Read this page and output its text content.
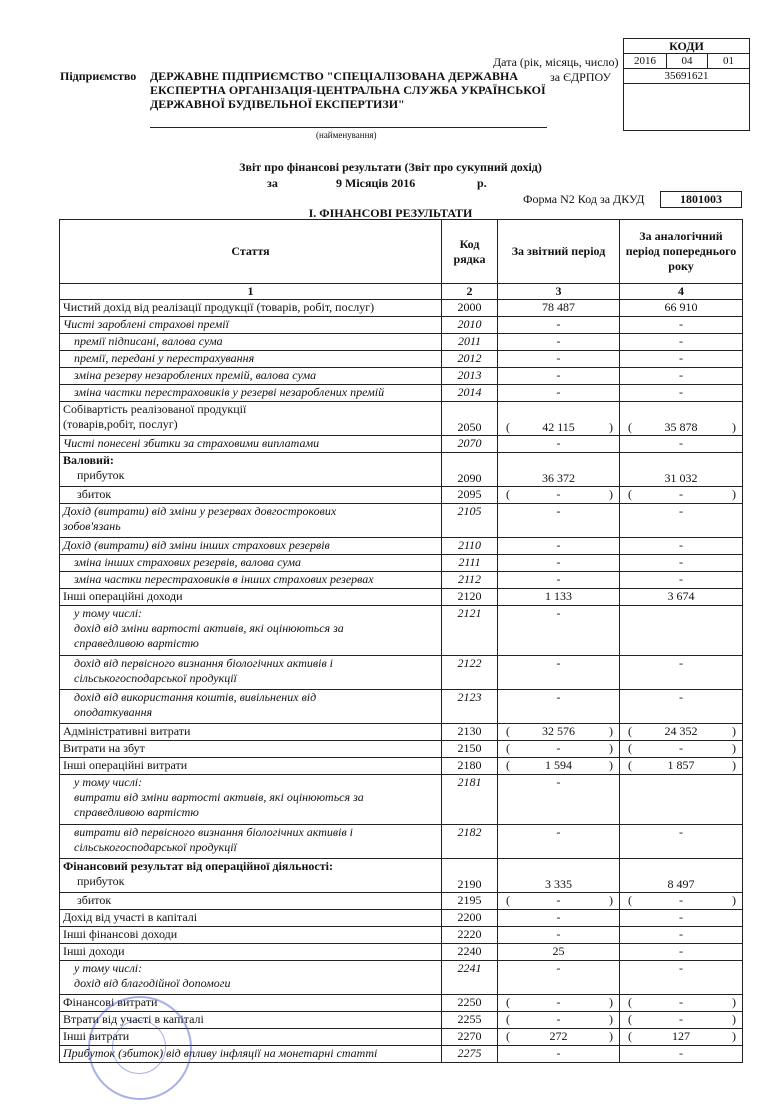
Дата (рік, місяць, число)
за ЄДРПОУ
Підприємство ДЕРЖАВНЕ ПІДПРИЄМСТВО "СПЕЦІАЛІЗОВАНА ДЕРЖАВНА
ЕКСПЕРТНА ОРГАНІЗАЦІЯ-ЦЕНТРАЛЬНА СЛУЖБА УКРАЇНСЬКОЇ
ДЕРЖАВНОЇ БУДІВЕЛЬНОЇ ЕКСПЕРТИЗИ"
(найменування)
КОДИ
2016	04	01
35691621
Звіт про фінансові результати (Звіт про сукупний дохід)
за	9 Місяців 2016	р.
Форма N2 Код за ДКУД	1801003
І. ФІНАНСОВІ РЕЗУЛЬТАТИ
Стаття	Код рядка	За звітний період	За аналогічний період попереднього року
1	2	3	4

Чистий дохід від реалізації продукції (товарів, робіт, послуг)	2000	78 487	66 910

Чисті зароблені страхові премії	2010	-	-

премії підписані, валова сума	2011	-	-

премії, передані у перестрахування	2012	-	-

зміна резерву незароблених премій, валова сума	2013	-	-

зміна частки перестраховиків у резерві незароблених премій	2014	-	-

Собівартість реалізованої продукції
(товарів,робіт, послуг)	2050	( 42 115 )	( 35 878 )

Чисті понесені збитки за страховими виплатами	2070	-	-

Валовий:
прибуток	2090	36 372	31 032

збиток	2095	( - )	( - )

Дохід (витрати) від зміни у резервах довгострокових
зобов'язань	2105	-	-

Дохід (витрати) від зміни інших страхових резервів	2110	-	-

зміна інших страхових резервів, валова сума	2111	-	-

зміна частки перестраховиків в інших страхових резервах	2112	-	-

Інші операційні доходи	2120	1 133	3 674

у тому числі:
дохід від зміни вартості активів, які оцінюються за
справедливою вартістю	2121	-	

дохід від первісного визнання біологічних активів і
сільськогосподарської продукції	2122	-	-

дохід від використання коштів, вивільнених від
оподаткування	2123	-	-

Адміністративні витрати	2130	( 32 576 )	( 24 352 )

Витрати на збут	2150	( - )	( - )

Інші операційні витрати	2180	( 1 594 )	( 1 857 )

у тому числі:
витрати від зміни вартості активів, які оцінюються за
справедливою вартістю	2181	-	

витрати від первісного визнання біологічних активів і
сільськогосподарської продукції	2182	-	-

Фінансовий результат від операційної діяльності:
прибуток	2190	3 335	8 497

збиток	2195	( - )	( - )

Дохід від участі в капіталі	2200	-	-

Інші фінансові доходи	2220	-	-

Інші доходи	2240	25	-

у тому числі:
дохід від благодійної допомоги	2241	-	-

Фінансові витрати	2250	( - )	( - )

Втрати від участі в капіталі	2255	( - )	( - )

Інші витрати	2270	( 272 )	( 127 )

Прибуток (збиток) від впливу інфляції на монетарні статті	2275	-	-
